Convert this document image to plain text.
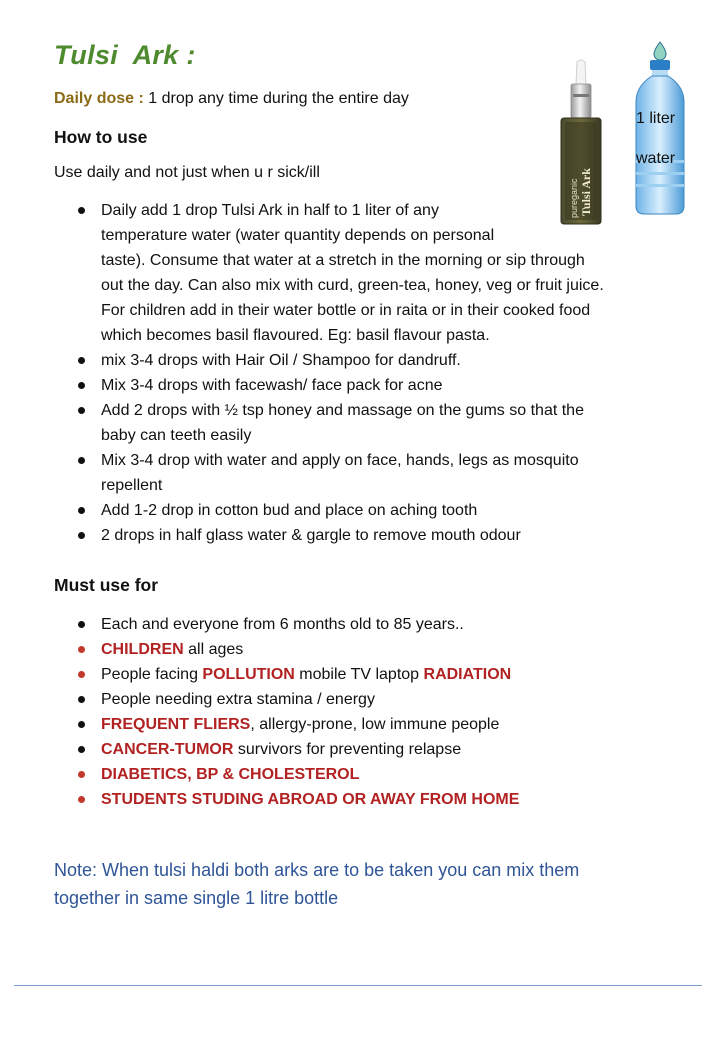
Tulsi  Ark :
Daily dose : 1 drop any time during the entire day
How to use
Use daily and not just when u r sick/ill
Daily add 1 drop Tulsi Ark in half to 1 liter of any
temperature water (water quantity depends on personal
taste). Consume that water at a stretch in the morning or sip through
out the day. Can also mix with curd, green-tea, honey, veg or fruit juice.
For children add in their water bottle or in raita or in their cooked food
which becomes basil flavoured. Eg: basil flavour pasta.
mix 3-4 drops with Hair Oil / Shampoo for dandruff.
Mix 3-4 drops with facewash/ face pack for acne
Add 2 drops with ½ tsp honey and massage on the gums so that the
baby can teeth easily
Mix 3-4 drop with water and apply on face, hands, legs as mosquito
repellent
Add 1-2 drop in cotton bud and place on aching tooth
2 drops in half glass water & gargle to remove mouth odour
Must use for
Each and everyone from 6 months old to 85 years..
CHILDREN all ages
People facing POLLUTION mobile TV laptop RADIATION
People needing extra stamina / energy
FREQUENT FLIERS, allergy-prone, low immune people
CANCER-TUMOR survivors for preventing relapse
DIABETICS, BP & CHOLESTEROL
STUDENTS STUDING ABROAD OR AWAY FROM HOME
Note: When tulsi haldi both arks are to be taken you can mix them
together in same single 1 litre bottle
pureganic Tulsi Ark
1 liter
water
